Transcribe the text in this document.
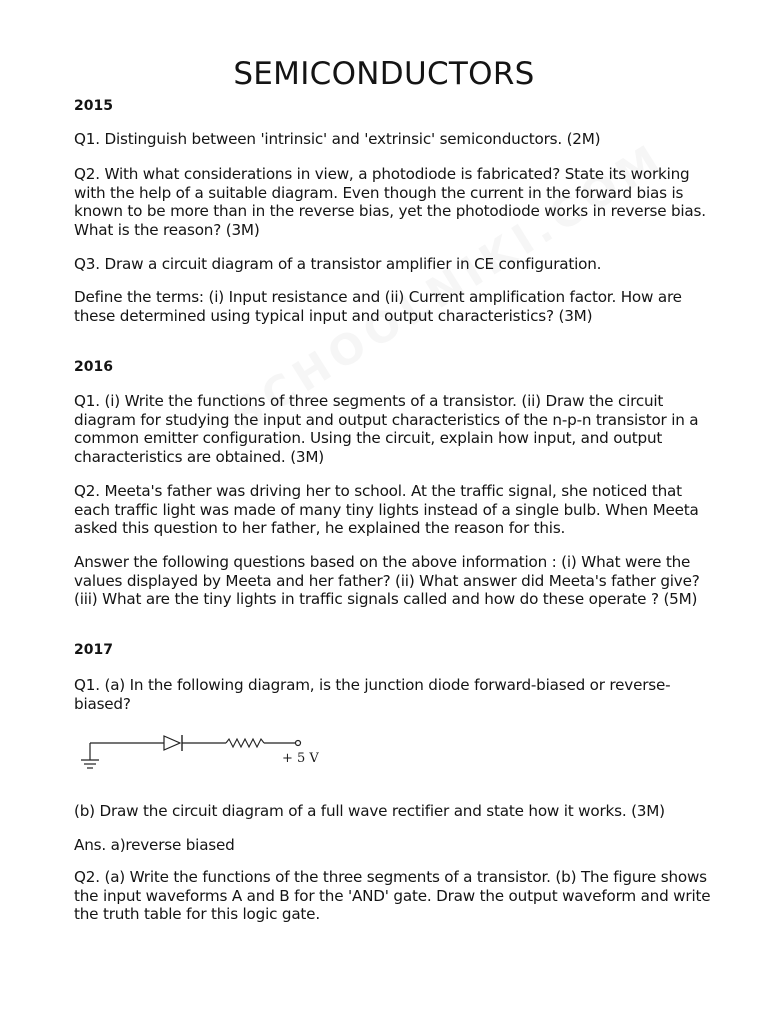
SEMICONDUCTORS
2015

Q1. Distinguish between 'intrinsic' and 'extrinsic' semiconductors. (2M)

Q2. With what considerations in view, a photodiode is fabricated? State its working with the help of a suitable diagram. Even though the current in the forward bias is known to be more than in the reverse bias, yet the photodiode works in reverse bias. What is the reason? (3M)

Q3. Draw a circuit diagram of a transistor amplifier in CE configuration.

Define the terms: (i) Input resistance and (ii) Current amplification factor. How are these determined using typical input and output characteristics? (3M)

2016

Q1. (i) Write the functions of three segments of a transistor. (ii) Draw the circuit diagram for studying the input and output characteristics of the n-p-n transistor in a common emitter configuration. Using the circuit, explain how input, and output characteristics are obtained. (3M)

Q2. Meeta's father was driving her to school. At the traffic signal, she noticed that each traffic light was made of many tiny lights instead of a single bulb. When Meeta asked this question to her father, he explained the reason for this.

Answer the following questions based on the above information : (i) What were the values displayed by Meeta and her father? (ii) What answer did Meeta's father give? (iii) What are the tiny lights in traffic signals called and how do these operate ? (5M)

2017

Q1. (a) In the following diagram, is the junction diode forward-biased or reverse-biased?

+ 5 V

(b) Draw the circuit diagram of a full wave rectifier and state how it works. (3M)

Ans. a)reverse biased

Q2. (a) Write the functions of the three segments of a transistor. (b) The figure shows the input waveforms A and B for the 'AND' gate. Draw the output waveform and write the truth table for this logic gate.
